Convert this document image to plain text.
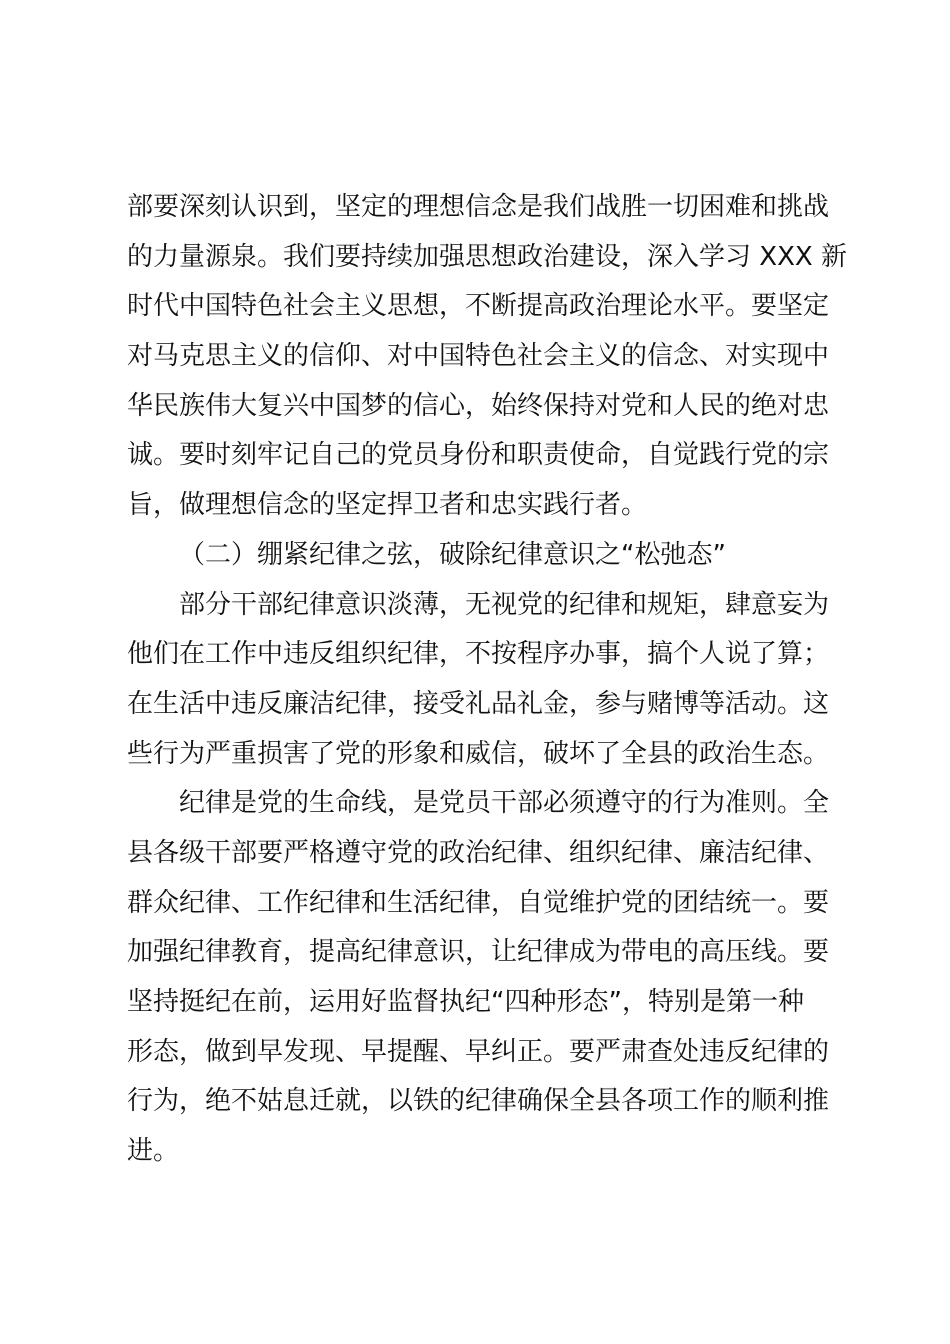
部要深刻认识到，坚定的理想信念是我们战胜一切困难和挑战
的力量源泉。我们要持续加强思想政治建设，深入学习 XXX 新
时代中国特色社会主义思想，不断提高政治理论水平。要坚定
对马克思主义的信仰、对中国特色社会主义的信念、对实现中
华民族伟大复兴中国梦的信心，始终保持对党和人民的绝对忠
诚。要时刻牢记自己的党员身份和职责使命，自觉践行党的宗
旨，做理想信念的坚定捍卫者和忠实践行者。
（二）绷紧纪律之弦，破除纪律意识之“松弛态”
部分干部纪律意识淡薄，无视党的纪律和规矩，肆意妄为
他们在工作中违反组织纪律，不按程序办事，搞个人说了算；
在生活中违反廉洁纪律，接受礼品礼金，参与赌博等活动。这
些行为严重损害了党的形象和威信，破坏了全县的政治生态。
纪律是党的生命线，是党员干部必须遵守的行为准则。全
县各级干部要严格遵守党的政治纪律、组织纪律、廉洁纪律、
群众纪律、工作纪律和生活纪律，自觉维护党的团结统一。要
加强纪律教育，提高纪律意识，让纪律成为带电的高压线。要
坚持挺纪在前，运用好监督执纪“四种形态”，特别是第一种
形态，做到早发现、早提醒、早纠正。要严肃查处违反纪律的
行为，绝不姑息迁就，以铁的纪律确保全县各项工作的顺利推
进。
